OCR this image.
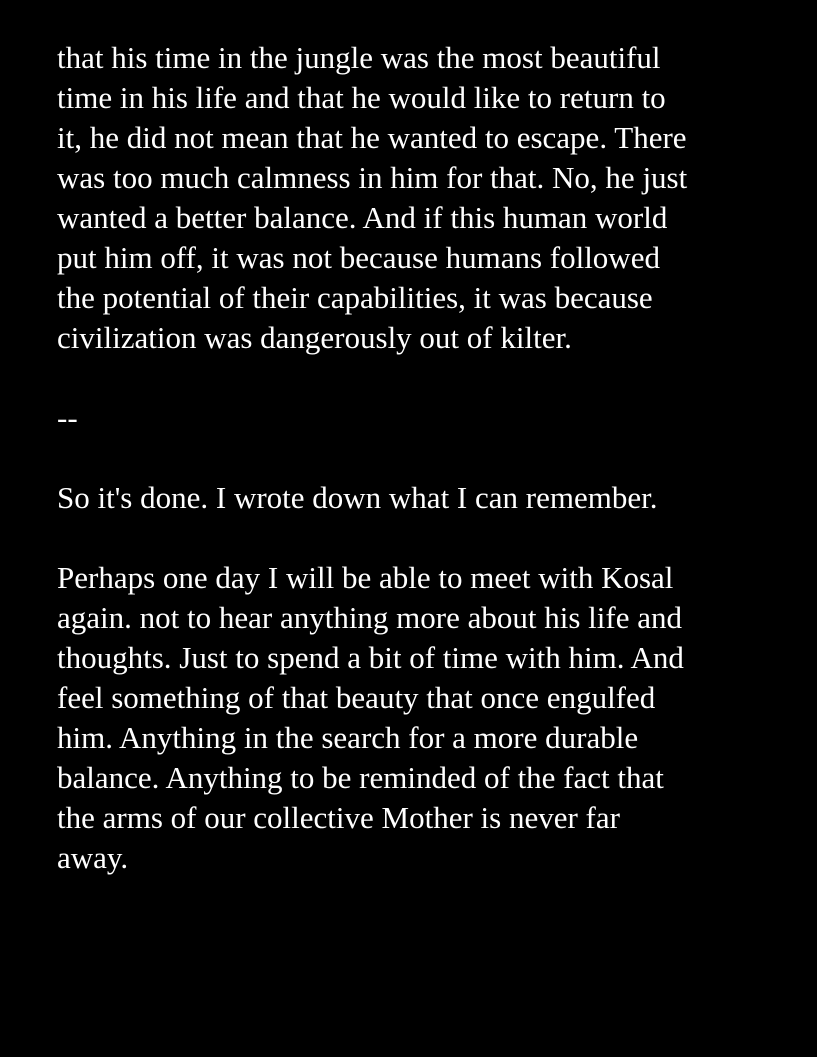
that his time in the jungle was the most beautiful
time in his life and that he would like to return to
it, he did not mean that he wanted to escape. There
was too much calmness in him for that. No, he just
wanted a better balance. And if this human world
put him off, it was not because humans followed
the potential of their capabilities, it was because
civilization was dangerously out of kilter.
--
So it's done. I wrote down what I can remember.
Perhaps one day I will be able to meet with Kosal
again. not to hear anything more about his life and
thoughts. Just to spend a bit of time with him. And
feel something of that beauty that once engulfed
him. Anything in the search for a more durable
balance. Anything to be reminded of the fact that
the arms of our collective Mother is never far
away.
